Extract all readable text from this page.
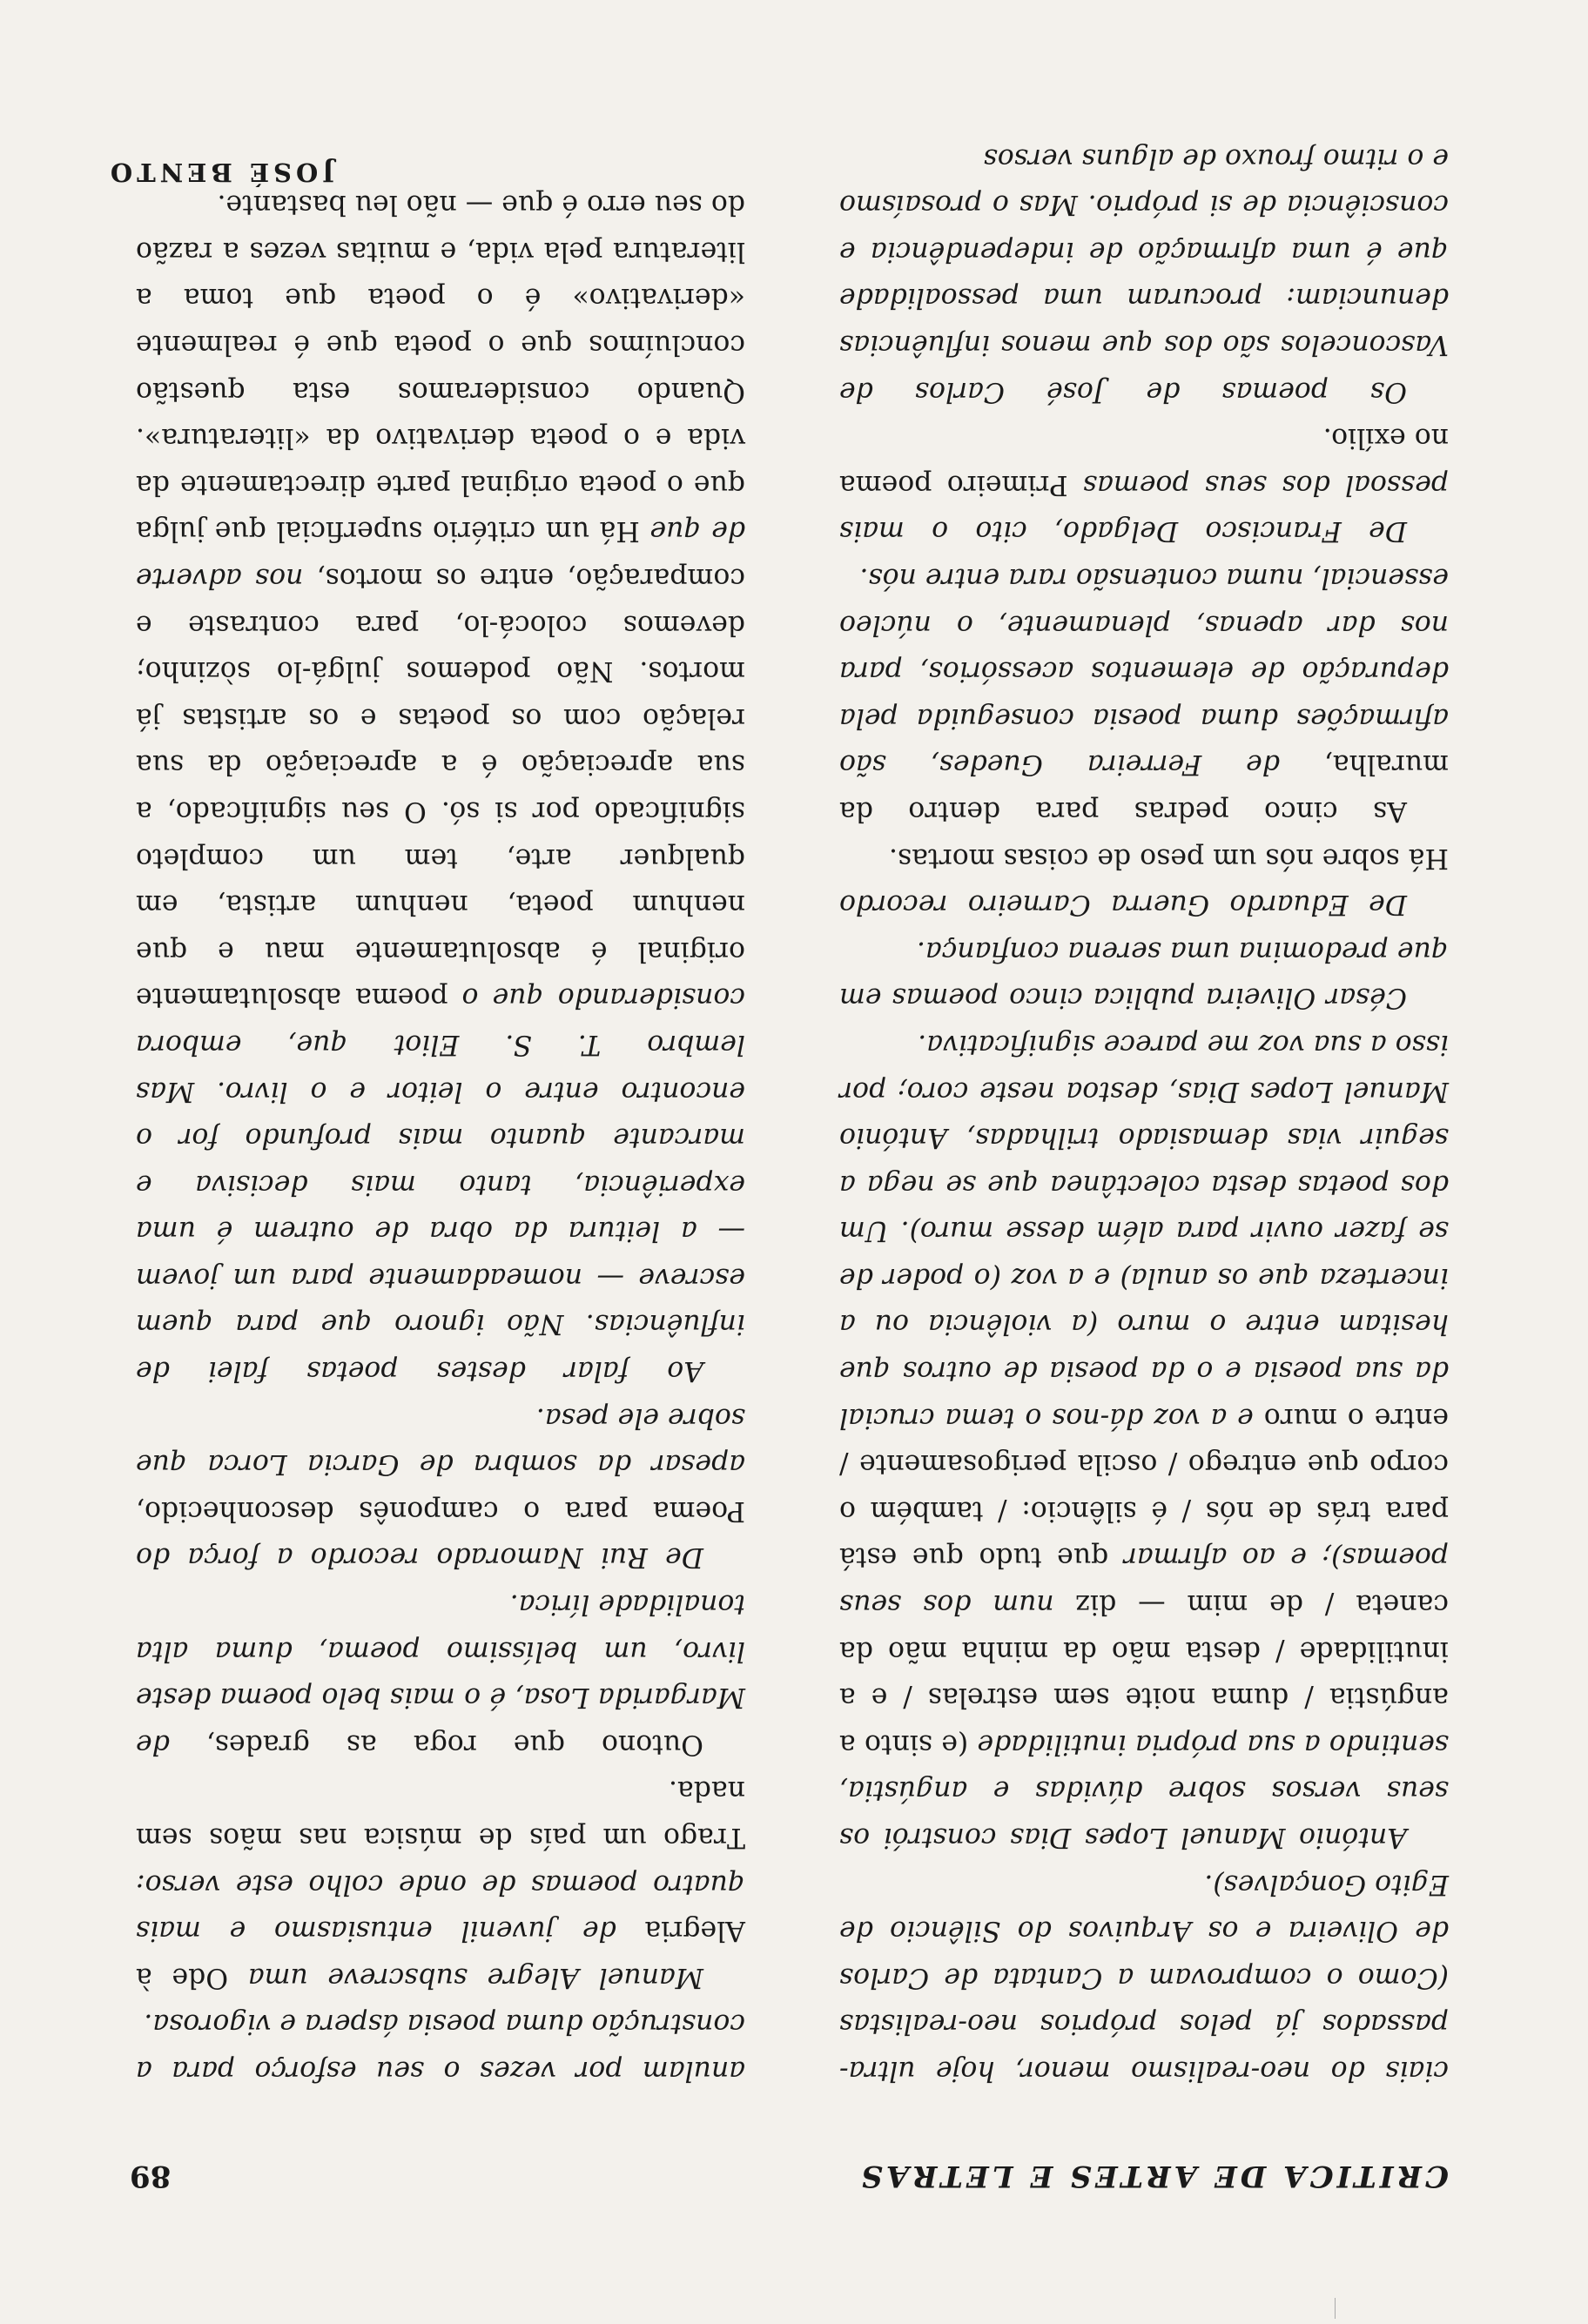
CRITICA DE ARTES E LETRAS
89

ciais do neo-realismo menor, hoje ultra-passados já pelos próprios neo-realistas (Como o comprovam a Cantata de Carlos de Oliveira e os Arquivos do Silêncio de Egito Gonçalves).

António Manuel Lopes Dias constrói os seus versos sobre dúvidas e angústia, sentindo a sua própria inutilidade (e sinto a angústia / duma noite sem estrelas / e a inutilidade / desta mão da minha mão da caneta / de mim — diz num dos seus poemas); e ao afirmar que tudo que está para trás de nós / é silêncio: / também o corpo que entrego / oscila perigosamente / entre o muro e a voz dá-nos o tema crucial da sua poesia e o da poesia de outros que hesitam entre o muro (a violência ou a incerteza que os anula) e a voz (o poder de se fazer ouvir para além desse muro). Um dos poetas desta colectânea que se nega a seguir vias demasiado trilhadas, António Manuel Lopes Dias, destoa neste coro; por isso a sua voz me parece significativa.

César Oliveira publica cinco poemas em que predomina uma serena confiança.

De Eduardo Guerra Carneiro recordo Há sobre nós um peso de coisas mortas.

As cinco pedras para dentro da muralha, de Ferreira Guedes, são afirmações duma poesia conseguida pela depuração de elementos acessórios, para nos dar apenas, plenamente, o núcleo essencial, numa contensão rara entre nós.

De Francisco Delgado, cito o mais pessoal dos seus poemas Primeiro poema no exílio.

Os poemas de José Carlos de Vasconcelos são dos que menos influências denunciam: procuram uma pessoalidade que é uma afirmação de independência e consciência de si próprio. Mas o prosaísmo e o ritmo frouxo de alguns versos

anulam por vezes o seu esforço para a construção duma poesia áspera e vigorosa.

Manuel Alegre subscreve uma Ode à Alegria de juvenil entusiasmo e mais quatro poemas de onde colho este verso: Trago um país de música nas mãos sem nada.

Outono que roga as grades, de Margarida Losa, é o mais belo poema deste livro, um belíssimo poema, duma alta tonalidade lírica.

De Rui Namorado recordo a força do Poema para o camponês desconhecido, apesar da sombra de Garcia Lorca que sobre ele pesa.

Ao falar destes poetas falei de influências. Não ignoro que para quem escreve — nomeadamente para um jovem — a leitura da obra de outrem é uma experiência, tanto mais decisiva e marcante quanto mais profundo for o encontro entre o leitor e o livro. Mas lembro T. S. Eliot que, embora considerando que o poema absolutamente original é absolutamente mau e que nenhum poeta, nenhum artista, em qualquer arte, tem um completo significado por si só. O seu significado, a sua apreciação é a apreciação da sua relação com os poetas e os artistas já mortos. Não podemos julgá-lo sòzinho; devemos colocá-lo, para contraste e comparação, entre os mortos, nos adverte de que Há um critério superficial que julga que o poeta original parte directamente da vida e o poeta derivativo da «literatura». Quando consideramos esta questão concluímos que o poeta que é realmente «derivativo» é o poeta que toma a literatura pela vida, e muitas vezes a razão do seu erro é que — não leu bastante.

JOSÉ BENTO
